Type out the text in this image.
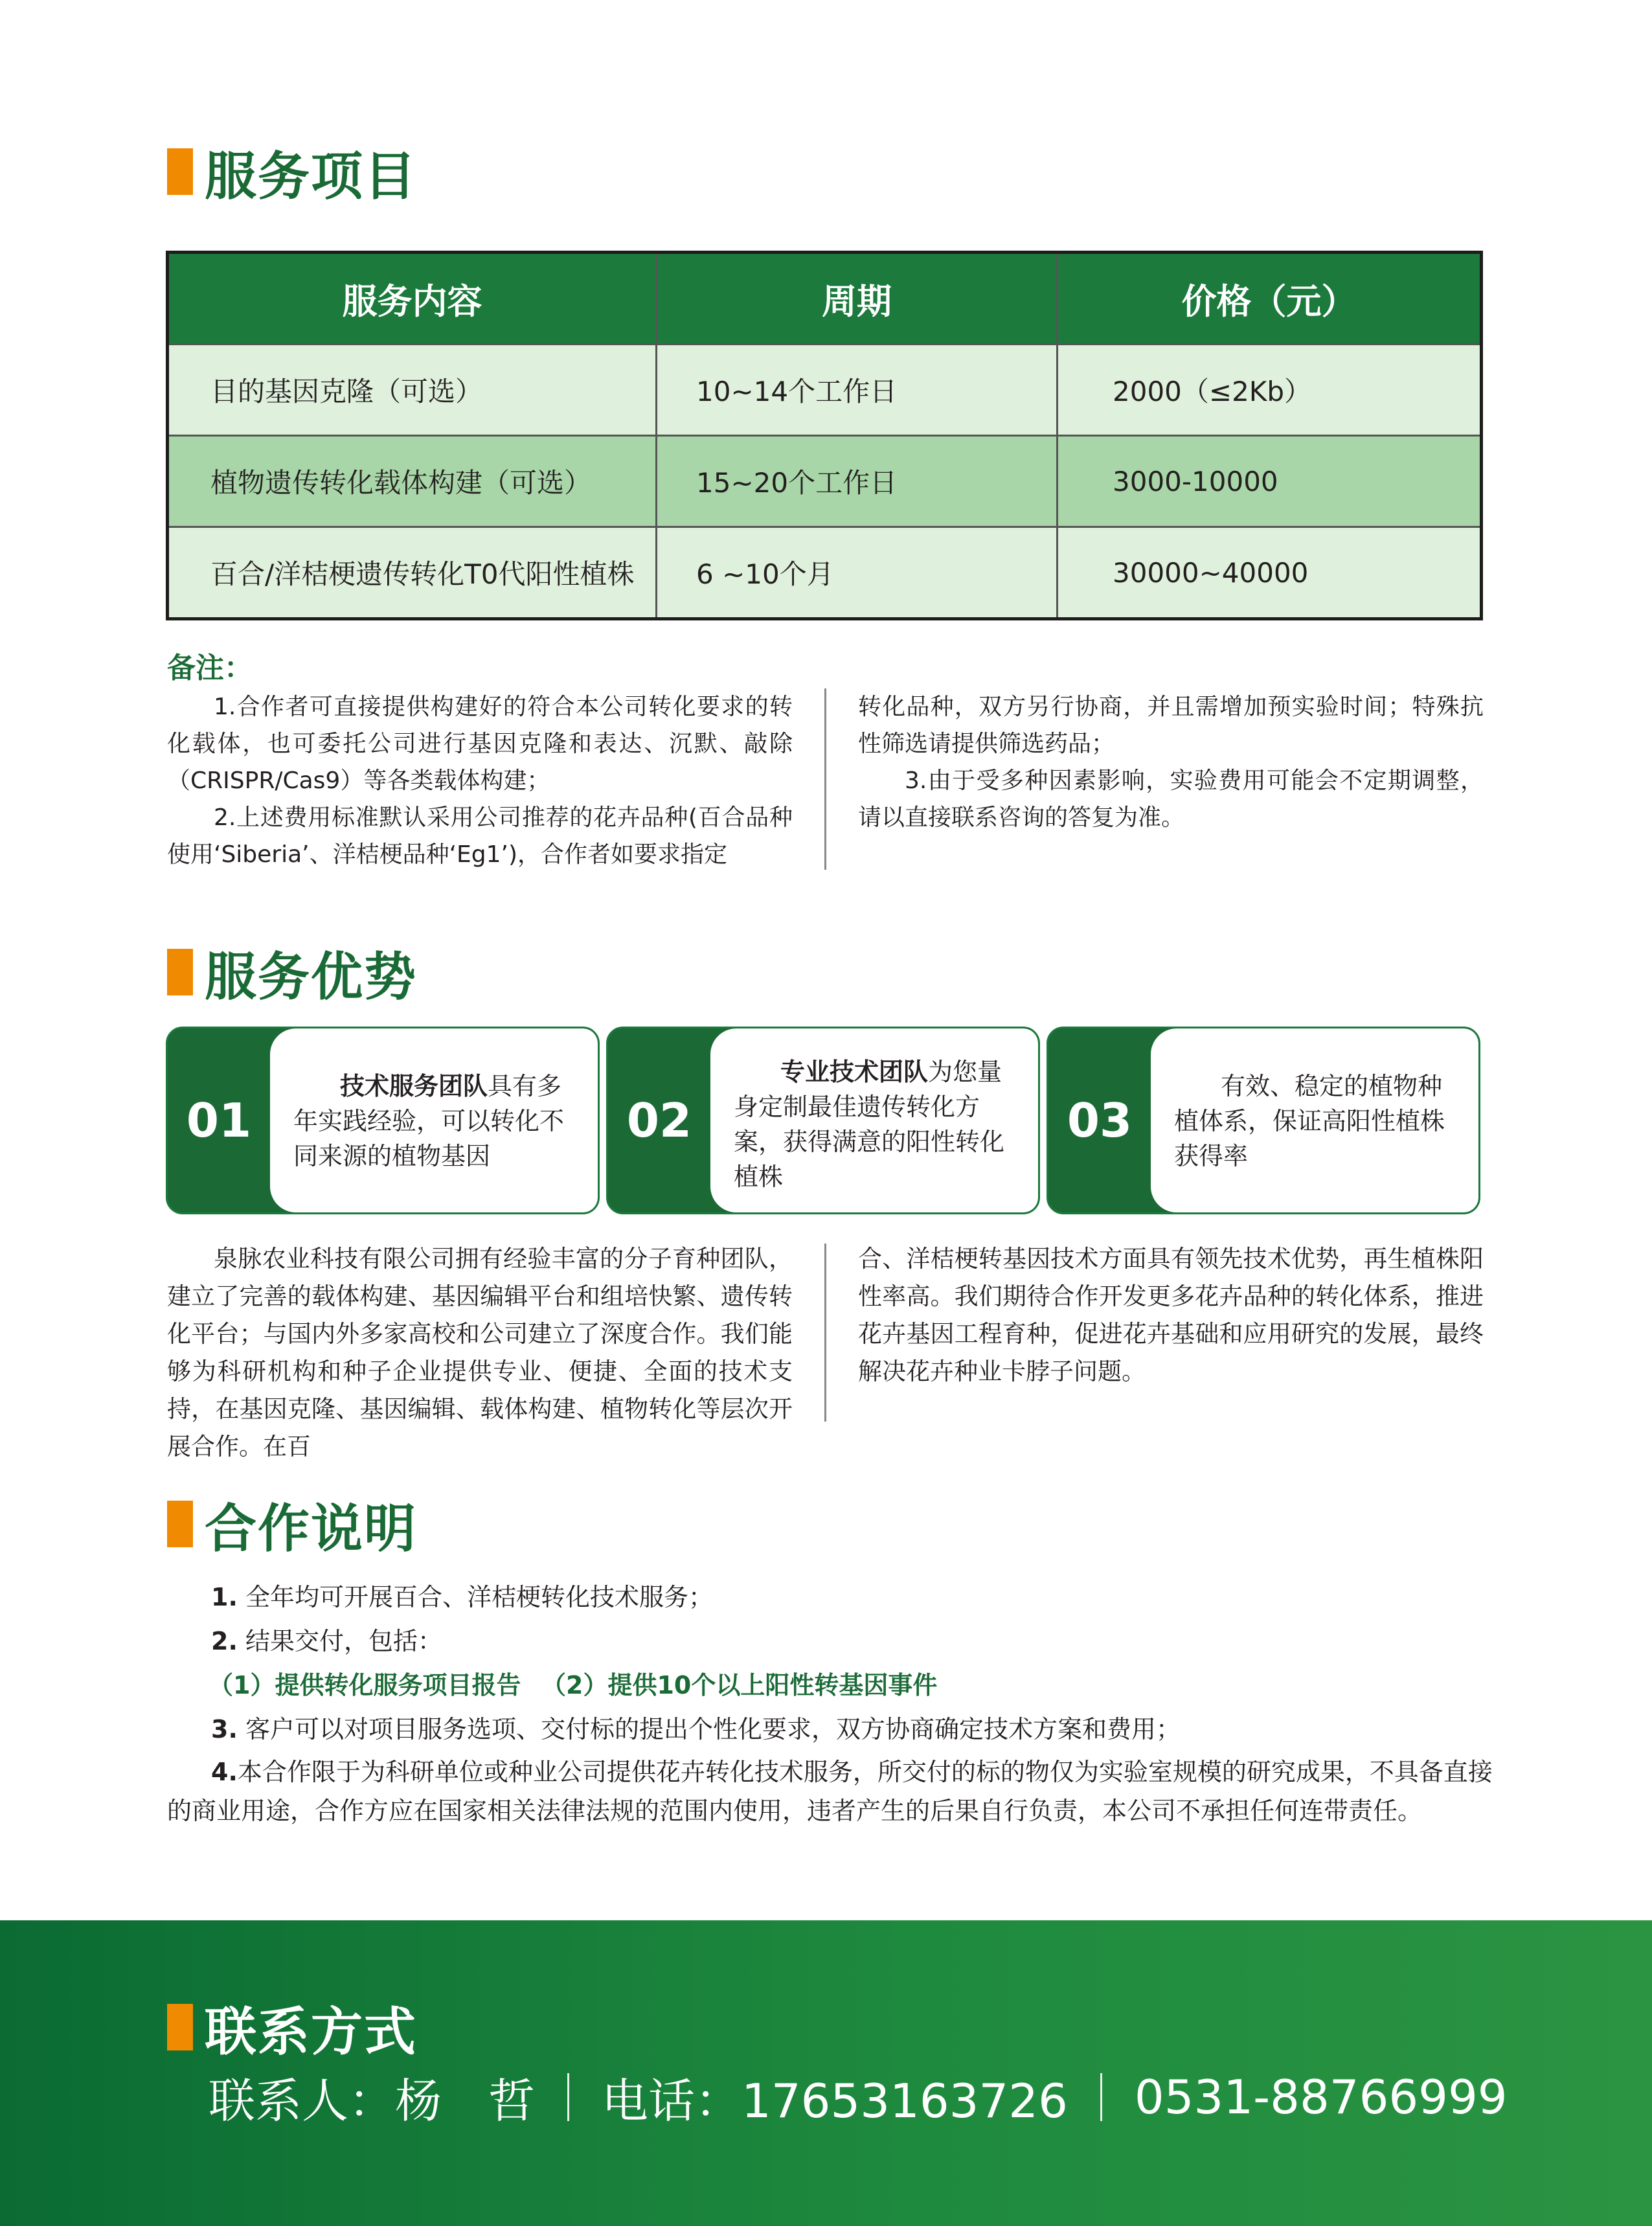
服务项目
服务内容	周期	价格（元）
目的基因克隆（可选）	10~14个工作日	2000（≤2Kb）
植物遗传转化载体构建（可选）	15~20个工作日	3000-10000
百合/洋桔梗遗传转化T0代阳性植株	6 ~10个月	30000~40000
备注：

1.合作者可直接提供构建好的符合本公司转化要求的转化载体，也可委托公司进行基因克隆和表达、沉默、敲除（CRISPR/Cas9）等各类载体构建；

2.上述费用标准默认采用公司推荐的花卉品种(百合品种使用‘Siberia’、洋桔梗品种‘Eg1’)，合作者如要求指定

转化品种，双方另行协商，并且需增加预实验时间；特殊抗性筛选请提供筛选药品；

3.由于受多种因素影响，实验费用可能会不定期调整，请以直接联系咨询的答复为准。

服务优势
01
技术服务团队具有多年实践经验，可以转化不同来源的植物基因
02
专业技术团队为您量身定制最佳遗传转化方案，获得满意的阳性转化植株
03
有效、稳定的植物种植体系，保证高阳性植株获得率

泉脉农业科技有限公司拥有经验丰富的分子育种团队，建立了完善的载体构建、基因编辑平台和组培快繁、遗传转化平台；与国内外多家高校和公司建立了深度合作。我们能够为科研机构和种子企业提供专业、便捷、全面的技术支持，在基因克隆、基因编辑、载体构建、植物转化等层次开展合作。在百

合、洋桔梗转基因技术方面具有领先技术优势，再生植株阳性率高。我们期待合作开发更多花卉品种的转化体系，推进花卉基因工程育种，促进花卉基础和应用研究的发展，最终解决花卉种业卡脖子问题。

合作说明
1. 全年均可开展百合、洋桔梗转化技术服务；
2. 结果交付，包括：
（1）提供转化服务项目报告 （2）提供10个以上阳性转基因事件
3. 客户可以对项目服务选项、交付标的提出个性化要求，双方协商确定技术方案和费用；
4.本合作限于为科研单位或种业公司提供花卉转化技术服务，所交付的标的物仅为实验室规模的研究成果，不具备直接
的商业用途，合作方应在国家相关法律法规的范围内使用，违者产生的后果自行负责，本公司不承担任何连带责任。
联系方式
联系人：杨　哲 电话：17653163726 0531-88766999
